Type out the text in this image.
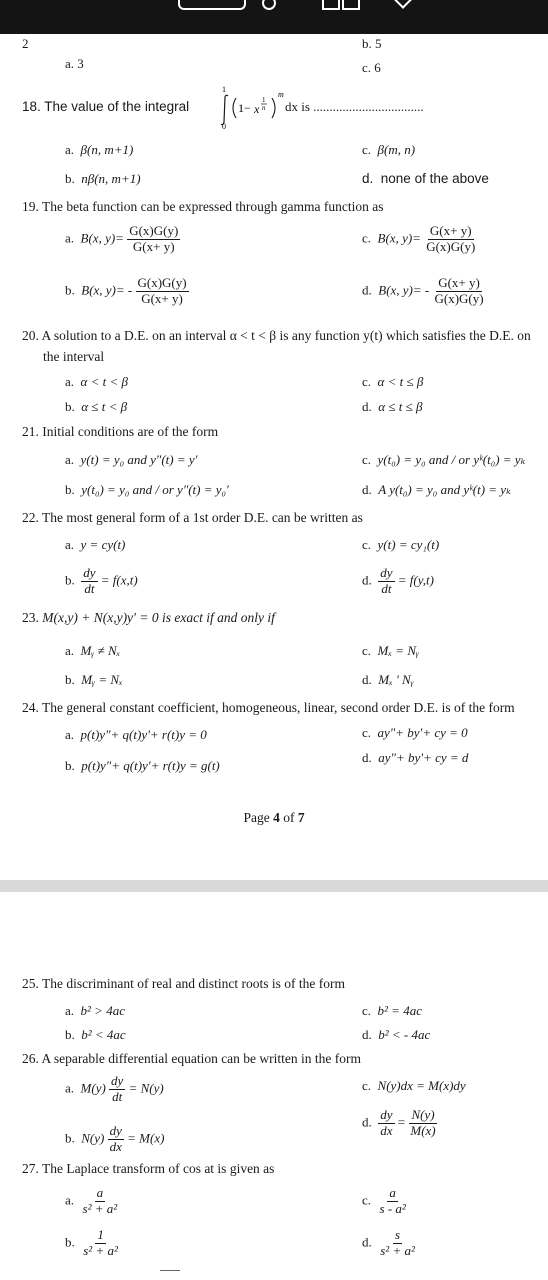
2	b. 5
a. 3	c. 6
18. The value of the integral
1
0
1− x
1
n
m
dx is ..................................
a. β(n, m+1)	c. β(m, n)
b. nβ(n, m+1)	d. none of the above
19. The beta function can be expressed through gamma function as
a. B(x, $y)= \frac{G(x)G(y)}{G(x+ y)}$	c. B(x, $y)= \frac{G(x+ y)}{G(x)G(y)}$
b. B(x, $y)= - \frac{G(x)G(y)}{G(x+ y)}$	d. B(x, $y)= - \frac{G(x+ y)}{G(x)G(y)}$
20. A solution to a D.E. on an interval α < t < β is any function y(t) which satisfies the D.E. on
the interval
a. α < t < β	c. α < t ≤ β
b. α ≤ t < β	d. α ≤ t ≤ β
21. Initial conditions are of the form
a. y(t) = y₀ and y″(t) = y′	c. y(t₀) = y₀ and / or yᵏ(t₀) = yₖ
b. y(t₀) = y₀ and / or y″(t) = y₀′	d. A y(t₀) = y₀ and yᵏ(t) = yₖ
22. The most general form of a 1st order D.E. can be written as
a. y = cy(t)	c. y(t) = cy₁(t)
b. $\frac{dy}{dt} = f(x,t)$	d. $\frac{dy}{dt} = f(y,t)$
23. M(x,y) + N(x,y)y′ = 0 is exact if and only if
a. Mᵧ ≠ Nₓ	c. Mₓ = Nᵧ
b. Mᵧ = Nₓ	d. Mₓ ' Nᵧ
24. The general constant coefficient, homogeneous, linear, second order D.E. is of the form
a. p(t)y"+ q(t)y'+ r(t)y = 0	c. ay"+ by'+ cy = 0
b. p(t)y"+ q(t)y'+ r(t)y = g(t)
d. ay"+ by'+ cy = d
Page 4 of 7
25. The discriminant of real and distinct roots is of the form
a. b² > 4ac	c. b² = 4ac
b. b² < 4ac	d. b² < - 4ac
26. A separable differential equation can be written in the form
a. $M(y) \frac{dy}{dt} = N(y)$	c. N(y)dx = M(x)dy
b. $N(y) \frac{dy}{dx} = M(x)$
d. $\frac{dy}{dx} = \frac{N(y)}{M(x)}$
27. The Laplace transform of cos at is given as
a. $\frac{a}{\text{s² + a²}}$	c. $\frac{a}{\text{s - a²}}$
b. $\frac{1}{\text{s² + a²}}$	d. $\frac{s}{\text{s² + a²}}$
